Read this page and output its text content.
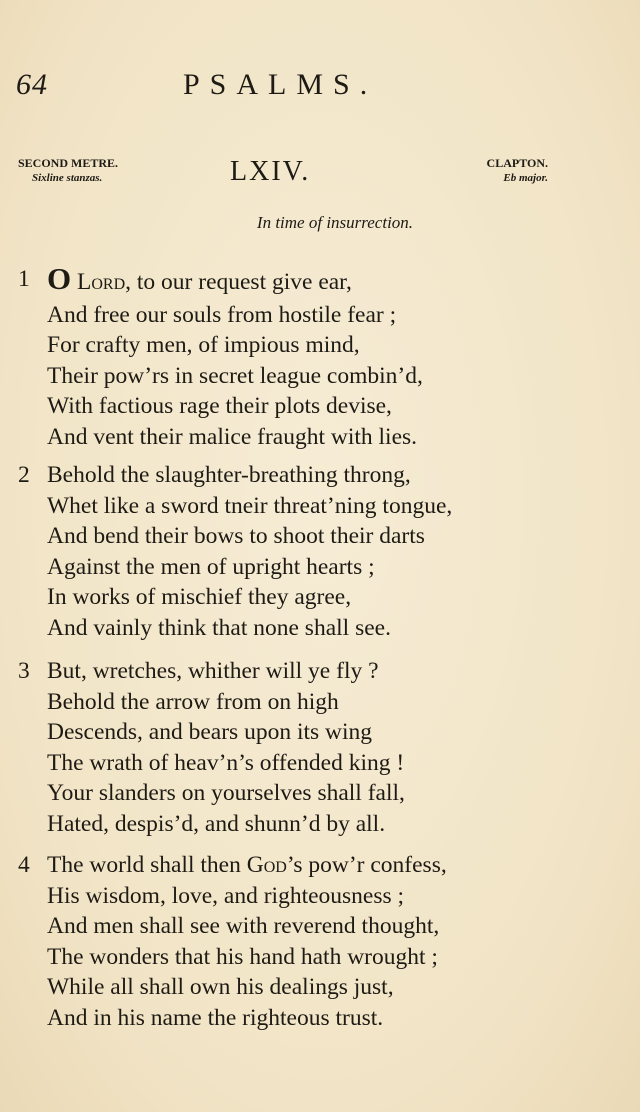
64	PSALMS.
SECOND METRE.
Sixline stanzas.	LXIV.	CLAPTON.
Eb major.
In time of insurrection.
1 O Lord, to our request give ear,
And free our souls from hostile fear ;
For crafty men, of impious mind,
Their pow’rs in secret league combin’d,
With factious rage their plots devise,
And vent their malice fraught with lies.
2 Behold the slaughter-breathing throng,
Whet like a sword tneir threat’ning tongue,
And bend their bows to shoot their darts
Against the men of upright hearts ;
In works of mischief they agree,
And vainly think that none shall see.
3 But, wretches, whither will ye fly ?
Behold the arrow from on high
Descends, and bears upon its wing
The wrath of heav’n’s offended king !
Your slanders on yourselves shall fall,
Hated, despis’d, and shunn’d by all.
4 The world shall then God’s pow’r confess,
His wisdom, love, and righteousness ;
And men shall see with reverend thought,
The wonders that his hand hath wrought ;
While all shall own his dealings just,
And in his name the righteous trust.
